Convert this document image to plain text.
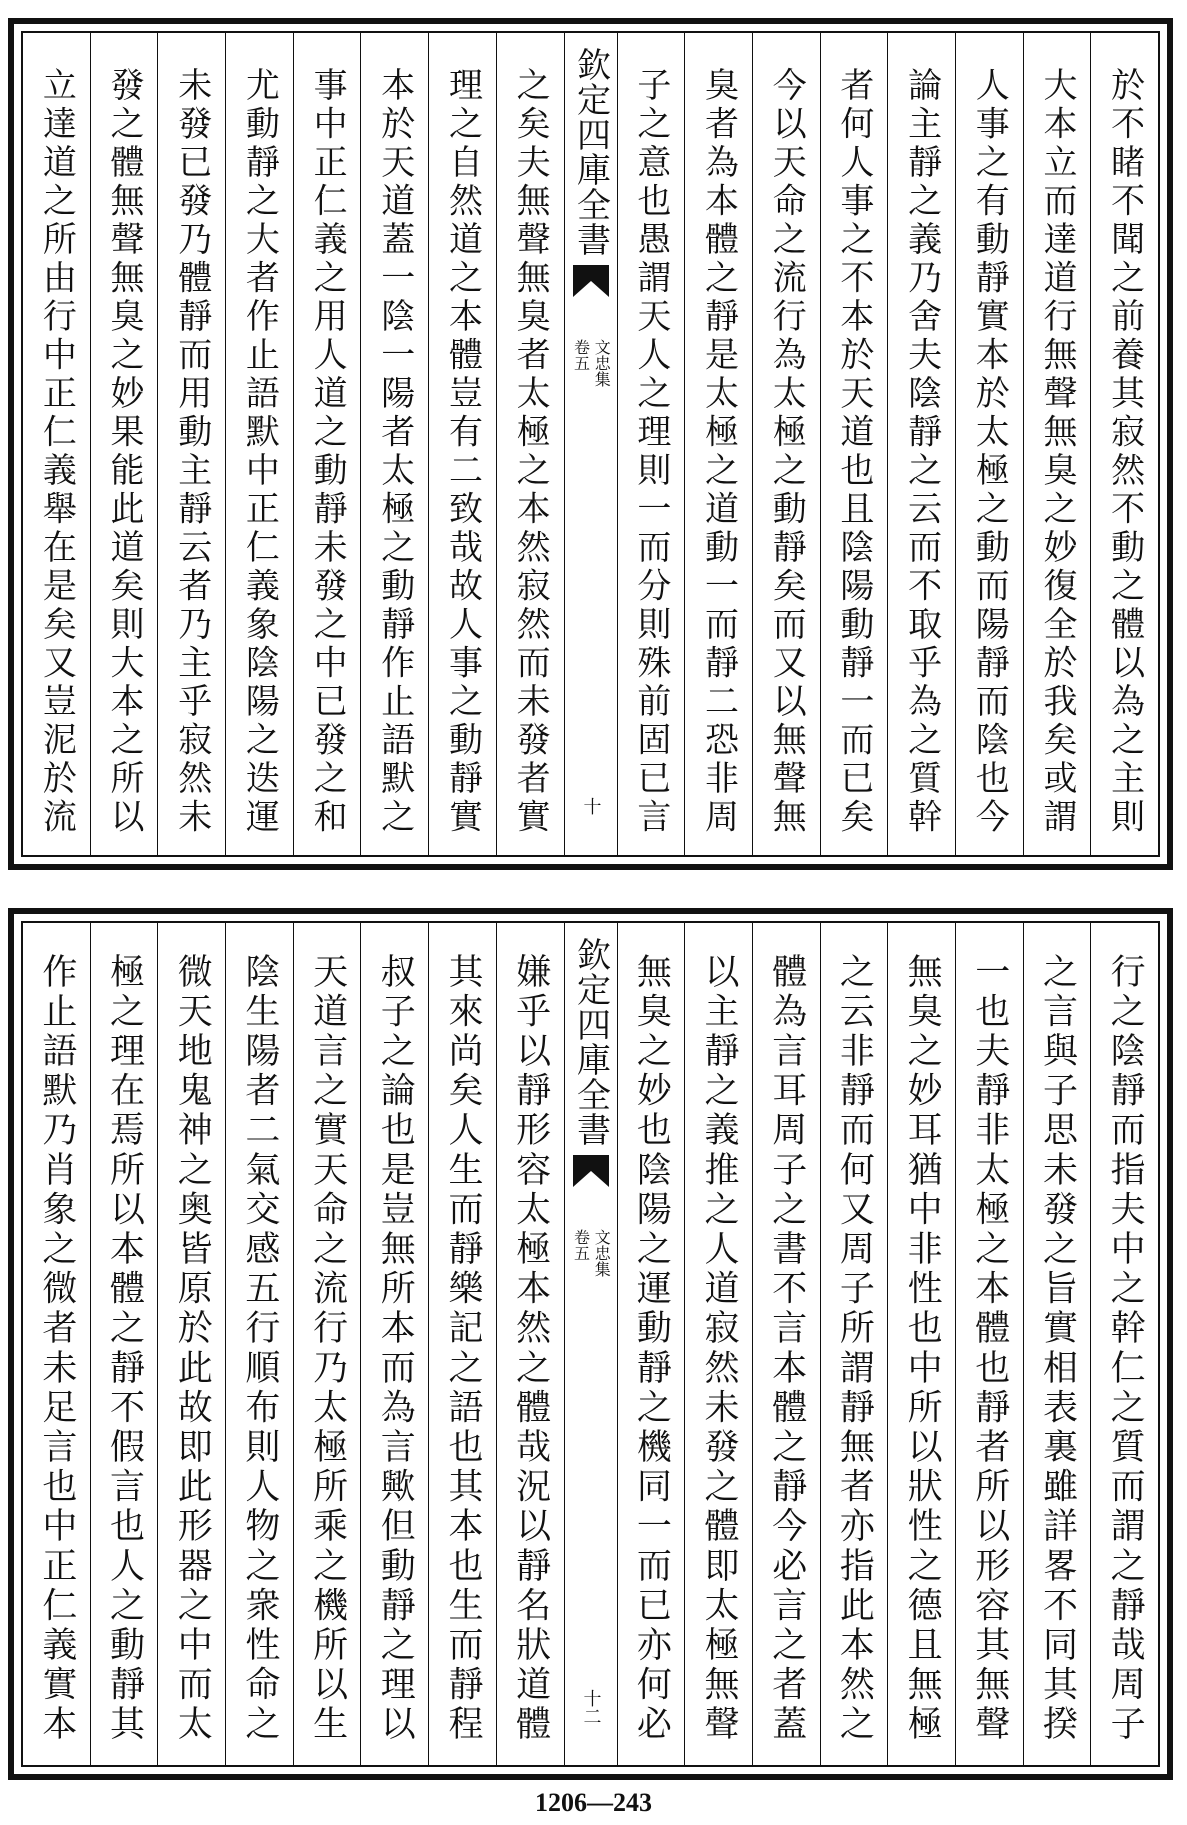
於不睹不聞之前養其寂然不動之體以為之主則
大本立而達道行無聲無臭之妙復全於我矣或謂
人事之有動靜實本於太極之動而陽靜而陰也今
論主靜之義乃舍夫陰靜之云而不取乎為之質幹
者何人事之不本於天道也且陰陽動靜一而已矣
今以天命之流行為太極之動靜矣而又以無聲無
臭者為本體之靜是太極之道動一而靜二恐非周
子之意也愚謂天人之理則一而分則殊前固已言
欽定四庫全書
文忠集
卷五
十
之矣夫無聲無臭者太極之本然寂然而未發者實
理之自然道之本體豈有二致哉故人事之動靜實
本於天道蓋一陰一陽者太極之動靜作止語默之
事中正仁義之用人道之動靜未發之中已發之和
尤動靜之大者作止語默中正仁義象陰陽之迭運
未發已發乃體靜而用動主靜云者乃主乎寂然未
發之體無聲無臭之妙果能此道矣則大本之所以
立達道之所由行中正仁義舉在是矣又豈泥於流
行之陰靜而指夫中之幹仁之質而謂之靜哉周子
之言與子思未發之旨實相表裏雖詳畧不同其揆
一也夫靜非太極之本體也靜者所以形容其無聲
無臭之妙耳猶中非性也中所以狀性之德且無極
之云非靜而何又周子所謂靜無者亦指此本然之
體為言耳周子之書不言本體之靜今必言之者蓋
以主靜之義推之人道寂然未發之體即太極無聲
無臭之妙也陰陽之運動靜之機同一而已亦何必
欽定四庫全書
文忠集
卷五
十二
嫌乎以靜形容太極本然之體哉況以靜名狀道體
其來尚矣人生而靜樂記之語也其本也生而靜程
叔子之論也是豈無所本而為言歟但動靜之理以
天道言之實天命之流行乃太極所乘之機所以生
陰生陽者二氣交感五行順布則人物之衆性命之
微天地鬼神之奥皆原於此故即此形器之中而太
極之理在焉所以本體之靜不假言也人之動靜其
作止語默乃肖象之微者未足言也中正仁義實本
1206—243
